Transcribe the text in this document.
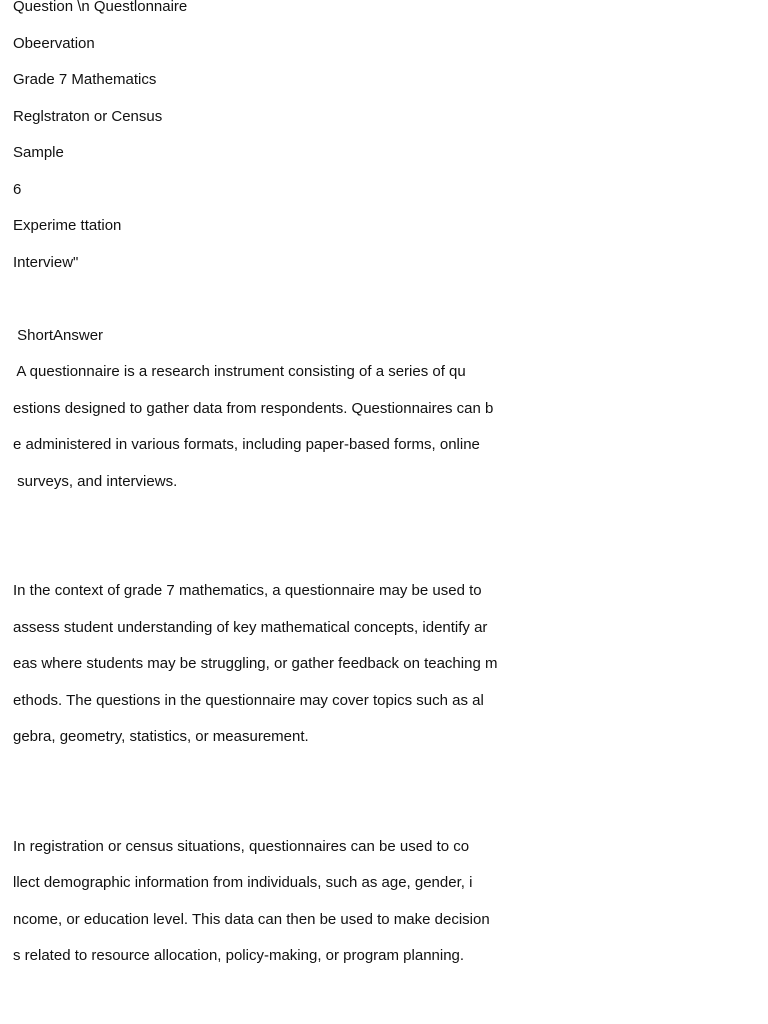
Question \n Questlonnaire

Obeervation

Grade 7 Mathematics

Reglstraton or Census

Sample

6

Experime ttation

Interview"

ShortAnswer

A questionnaire is a research instrument consisting of a series of qu

estions designed to gather data from respondents. Questionnaires can b

e administered in various formats, including paper-based forms, online

surveys, and interviews.

In the context of grade 7 mathematics, a questionnaire may be used to

assess student understanding of key mathematical concepts, identify ar

eas where students may be struggling, or gather feedback on teaching m

ethods. The questions in the questionnaire may cover topics such as al

gebra, geometry, statistics, or measurement.

In registration or census situations, questionnaires can be used to co

llect demographic information from individuals, such as age, gender, i

ncome, or education level. This data can then be used to make decision

s related to resource allocation, policy-making, or program planning.
